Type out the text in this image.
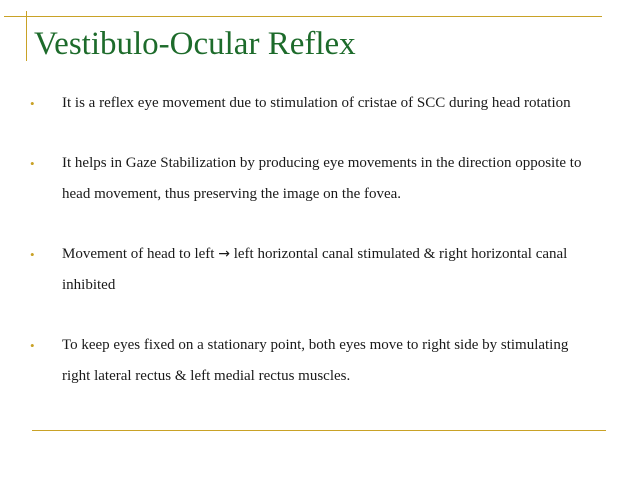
Vestibulo-Ocular Reflex
•	It is a reflex eye movement due to stimulation of cristae of SCC during head rotation
•	It helps in Gaze Stabilization by producing eye movements in the direction opposite to head movement, thus preserving the image on the fovea.
•	Movement of head to left → left horizontal canal stimulated & right horizontal canal inhibited
•	To keep eyes fixed on a stationary point, both eyes move to right side by stimulating right lateral rectus & left medial rectus muscles.
